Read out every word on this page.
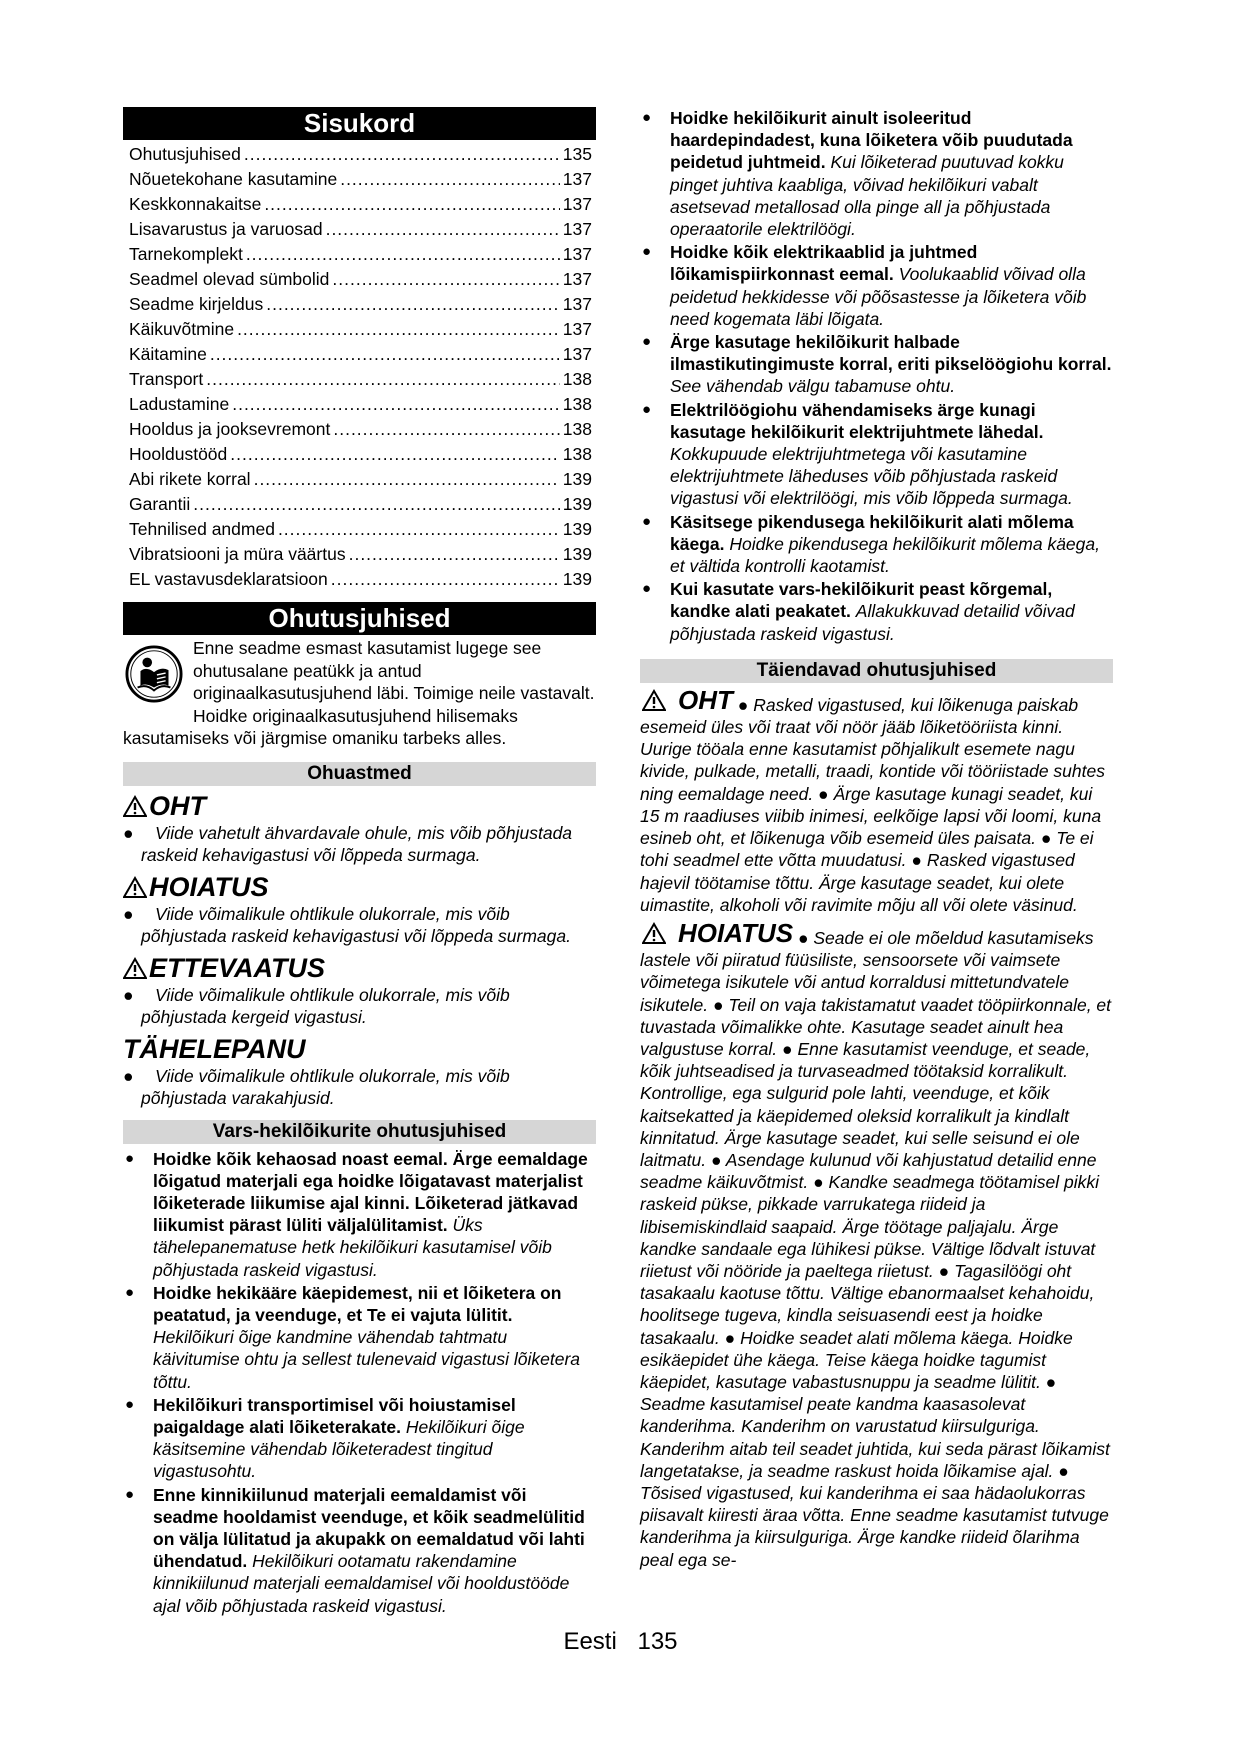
Sisukord
Ohutusjuhised .....	135
Nõuetekohane kasutamine .....	137
Keskkonnakaitse .....	137
Lisavarustus ja varuosad .....	137
Tarnekomplekt .....	137
Seadmel olevad sümbolid .....	137
Seadme kirjeldus .....	137
Käikuvõtmine .....	137
Käitamine .....	137
Transport .....	138
Ladustamine .....	138
Hooldus ja jooksevremont .....	138
Hooldustööd .....	138
Abi rikete korral .....	139
Garantii .....	139
Tehnilised andmed .....	139
Vibratsiooni ja müra väärtus .....	139
EL vastavusdeklaratsioon .....	139
Ohutusjuhised
Enne seadme esmast kasutamist lugege see ohutusalane peatükk ja antud originaalkasutusjuhend läbi. Toimige neile vastavalt. Hoidke originaalkasutusjuhend hilisemaks kasutamiseks või järgmise omaniku tarbeks alles.
Ohuastmed
OHT
● Viide vahetult ähvardavale ohule, mis võib põhjustada raskeid kehavigastusi või lõppeda surmaga.
HOIATUS
● Viide võimalikule ohtlikule olukorrale, mis võib põhjustada raskeid kehavigastusi või lõppeda surmaga.
ETTEVAATUS
● Viide võimalikule ohtlikule olukorrale, mis võib põhjustada kergeid vigastusi.
TÄHELEPANU
● Viide võimalikule ohtlikule olukorrale, mis võib põhjustada varakahjusid.
Vars-hekilõikurite ohutusjuhised
● Hoidke kõik kehaosad noast eemal. Ärge eemaldage lõigatud materjali ega hoidke lõigatavast materjalist lõiketerade liikumise ajal kinni. Lõiketerad jätkavad liikumist pärast lüliti väljalülitamist. Üks tähelepanematuse hetk hekilõikuri kasutamisel võib põhjustada raskeid vigastusi.
● Hoidke hekikääre käepidemest, nii et lõiketera on peatatud, ja veenduge, et Te ei vajuta lülitit. Hekilõikuri õige kandmine vähendab tahtmatu käivitumise ohtu ja sellest tulenevaid vigastusi lõiketera tõttu.
● Hekilõikuri transportimisel või hoiustamisel paigaldage alati lõiketerakate. Hekilõikuri õige käsitsemine vähendab lõiketeradest tingitud vigastusohtu.
● Enne kinnikiilunud materjali eemaldamist või seadme hooldamist veenduge, et kõik seadmelülitid on välja lülitatud ja akupakk on eemaldatud või lahti ühendatud. Hekilõikuri ootamatu rakendamine kinnikiilunud materjali eemaldamisel või hooldustööde ajal võib põhjustada raskeid vigastusi.
● Hoidke hekilõikurit ainult isoleeritud haardepindadest, kuna lõiketera võib puudutada peidetud juhtmeid. Kui lõiketerad puutuvad kokku pinget juhtiva kaabliga, võivad hekilõikuri vabalt asetsevad metallosad olla pinge all ja põhjustada operaatorile elektrilöögi.
● Hoidke kõik elektrikaablid ja juhtmed lõikamispiirkonnast eemal. Voolukaablid võivad olla peidetud hekkidesse või põõsastesse ja lõiketera võib need kogemata läbi lõigata.
● Ärge kasutage hekilõikurit halbade ilmastikutingimuste korral, eriti pikselöögiohu korral. See vähendab välgu tabamuse ohtu.
● Elektrilöögiohu vähendamiseks ärge kunagi kasutage hekilõikurit elektrijuhtmete lähedal. Kokkupuude elektrijuhtmetega või kasutamine elektrijuhtmete läheduses võib põhjustada raskeid vigastusi või elektrilöögi, mis võib lõppeda surmaga.
● Käsitsege pikendusega hekilõikurit alati mõlema käega. Hoidke pikendusega hekilõikurit mõlema käega, et vältida kontrolli kaotamist.
● Kui kasutate vars-hekilõikurit peast kõrgemal, kandke alati peakatet. Allakukkuvad detailid võivad põhjustada raskeid vigastusi.
Täiendavad ohutusjuhised
OHT ● Rasked vigastused, kui lõikenuga paiskab esemeid üles või traat või nöör jääb lõiketööriista kinni. Uurige tööala enne kasutamist põhjalikult esemete nagu kivide, pulkade, metalli, traadi, kontide või tööriistade suhtes ning eemaldage need. ● Ärge kasutage kunagi seadet, kui 15 m raadiuses viibib inimesi, eelkõige lapsi või loomi, kuna esineb oht, et lõikenuga võib esemeid üles paisata. ● Te ei tohi seadmel ette võtta muudatusi. ● Rasked vigastused hajevil töötamise tõttu. Ärge kasutage seadet, kui olete uimastite, alkoholi või ravimite mõju all või olete väsinud.
HOIATUS ● Seade ei ole mõeldud kasutamiseks lastele või piiratud füüsiliste, sensoorsete või vaimsete võimetega isikutele või antud korraldusi mittetundvatele isikutele. ● Teil on vaja takistamatut vaadet tööpiirkonnale, et tuvastada võimalikke ohte. Kasutage seadet ainult hea valgustuse korral. ● Enne kasutamist veenduge, et seade, kõik juhtseadised ja turvaseadmed töötaksid korralikult. Kontrollige, ega sulgurid pole lahti, veenduge, et kõik kaitsekatted ja käepidemed oleksid korralikult ja kindlalt kinnitatud. Ärge kasutage seadet, kui selle seisund ei ole laitmatu. ● Asendage kulunud või kahjustatud detailid enne seadme käikuvõtmist. ● Kandke seadmega töötamisel pikki raskeid pükse, pikkade varrukatega riideid ja libisemiskindlaid saapaid. Ärge töötage paljajalu. Ärge kandke sandaale ega lühikesi pükse. Vältige lõdvalt istuvat riietust või nööride ja paeltega riietust. ● Tagasilöögi oht tasakaalu kaotuse tõttu. Vältige ebanormaalset kehahoidu, hoolitsege tugeva, kindla seisuasendi eest ja hoidke tasakaalu. ● Hoidke seadet alati mõlema käega. Hoidke esikäepidet ühe käega. Teise käega hoidke tagumist käepidet, kasutage vabastusnuppu ja seadme lülitit. ● Seadme kasutamisel peate kandma kaasasolevat kanderihma. Kanderihm on varustatud kiirsulguriga. Kanderihm aitab teil seadet juhtida, kui seda pärast lõikamist langetatakse, ja seadme raskust hoida lõikamise ajal. ● Tõsised vigastused, kui kanderihma ei saa hädaolukorras piisavalt kiiresti äraa võtta. Enne seadme kasutamist tutvuge kanderihma ja kiirsulguriga. Ärge kandke riideid õlarihma peal ega se-
Eesti 135
